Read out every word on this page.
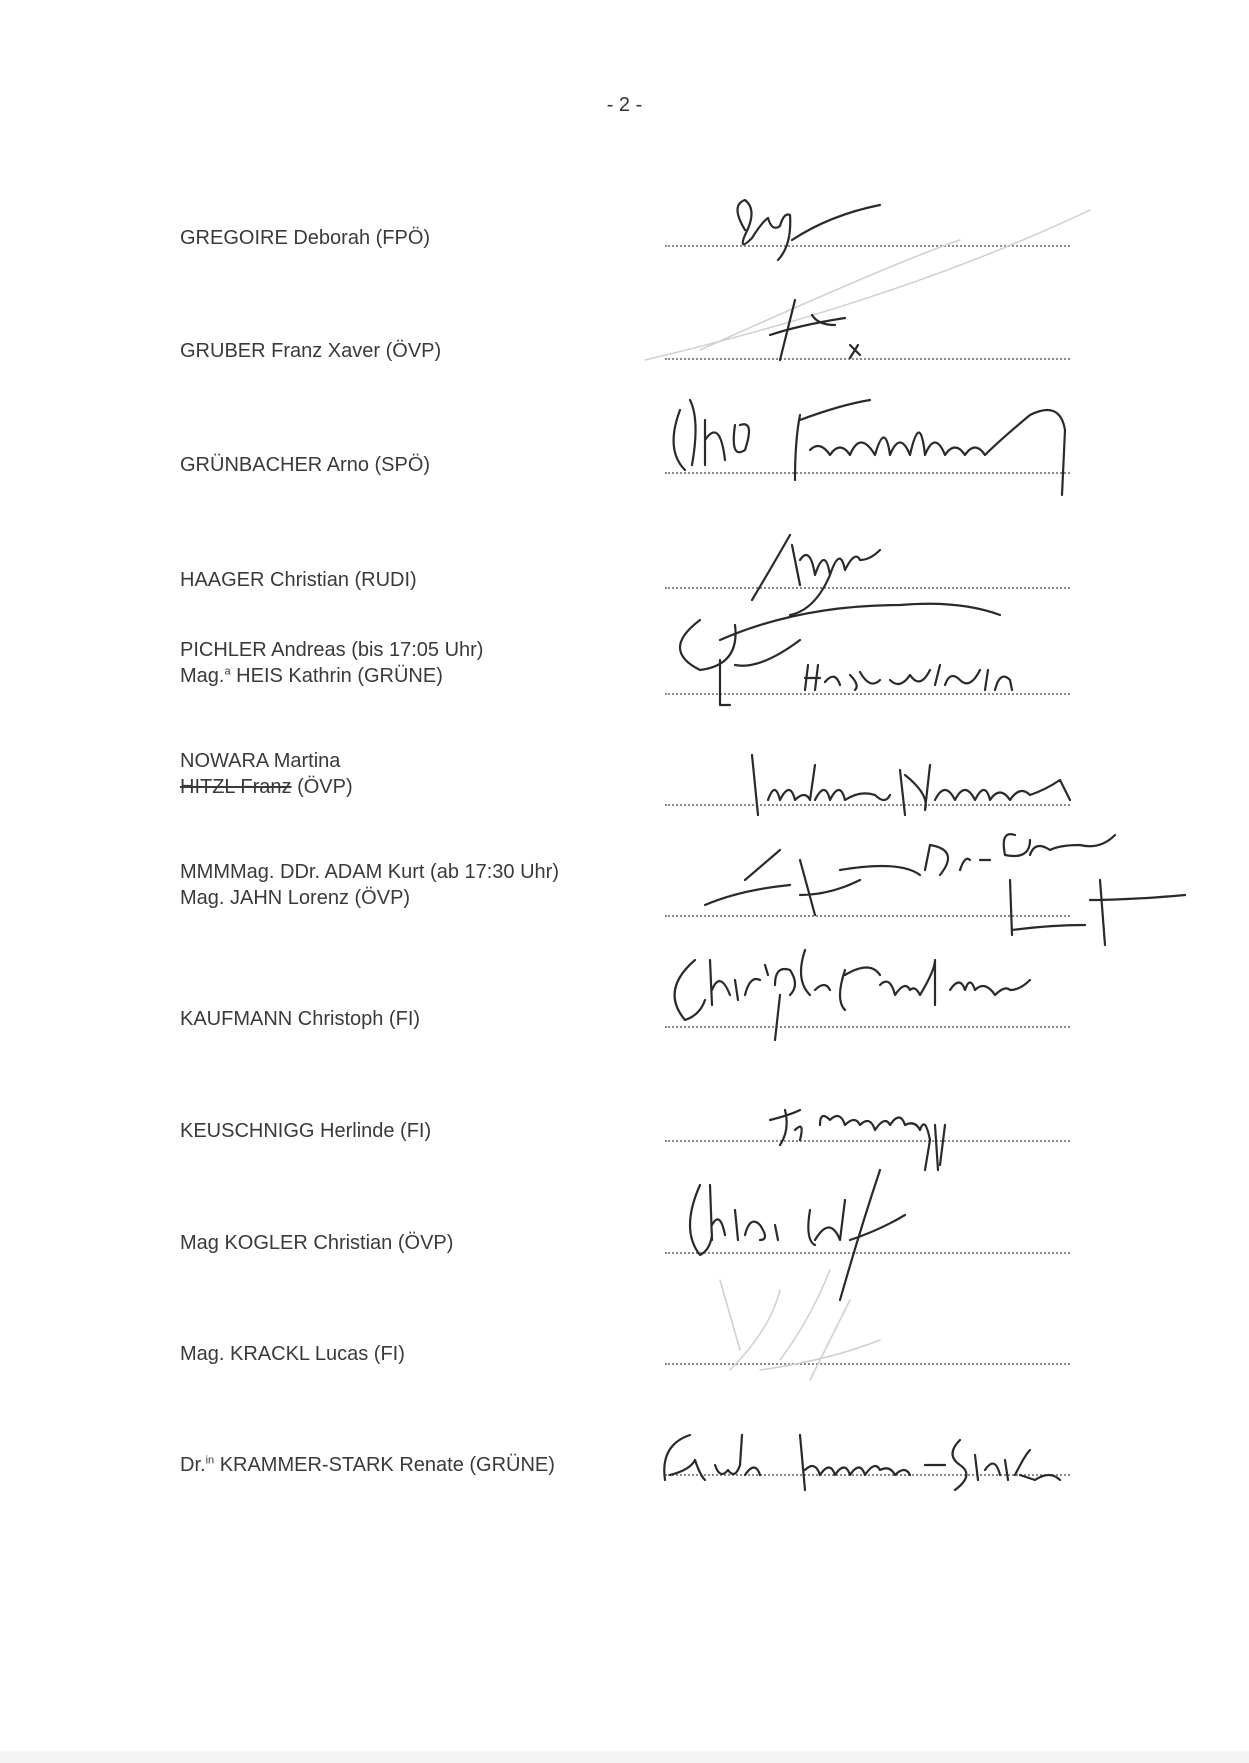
- 2 -
GREGOIRE Deborah (FPÖ)
GRUBER Franz Xaver (ÖVP)
GRÜNBACHER Arno (SPÖ)
HAAGER Christian (RUDI)
PICHLER Andreas (bis 17:05 Uhr)
Mag.$^a$ HEIS Kathrin (GRÜNE)
NOWARA Martina
HITZL Franz (ÖVP)
MMMMag. DDr. ADAM Kurt (ab 17:30 Uhr)
Mag. JAHN Lorenz (ÖVP)
KAUFMANN Christoph (FI)
KEUSCHNIGG Herlinde (FI)
Mag KOGLER Christian (ÖVP)
Mag. KRACKL Lucas (FI)
Dr.$^{in}$ KRAMMER-STARK Renate (GRÜNE)
